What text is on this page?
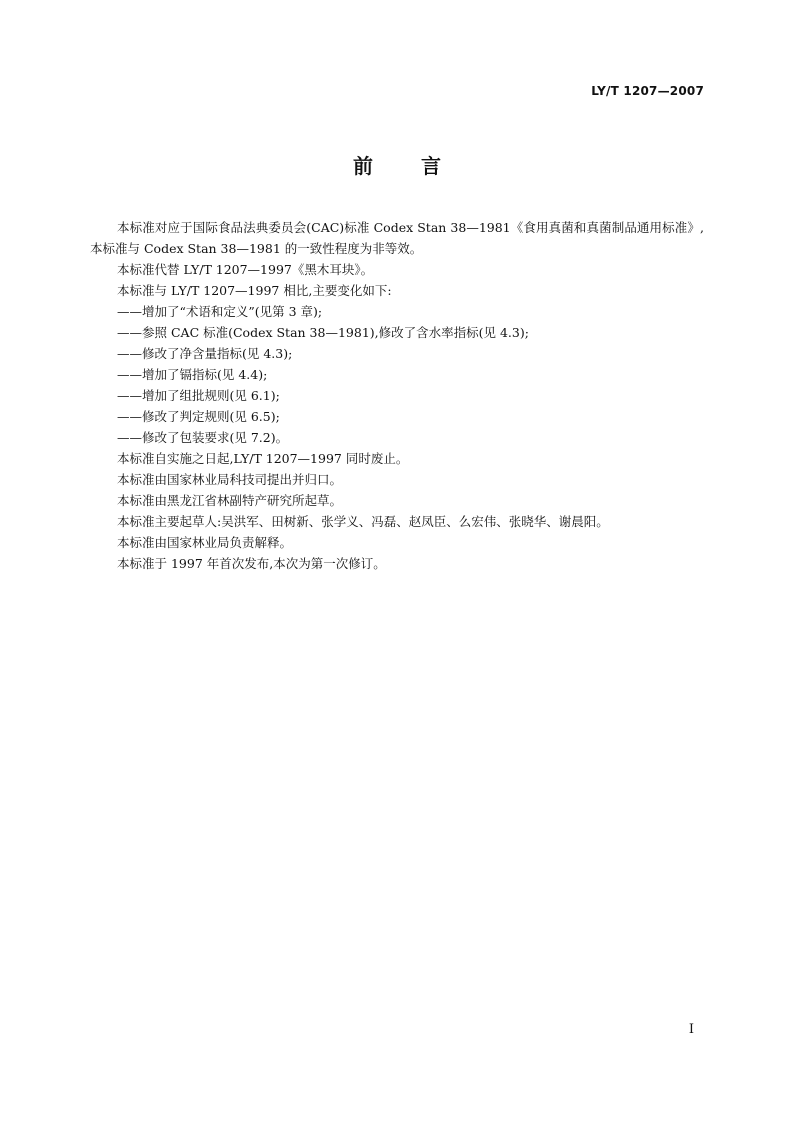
LY/T 1207—2007
前言

本标准对应于国际食品法典委员会(CAC)标准 Codex Stan 38—1981《食用真菌和真菌制品通用标准》,本标准与 Codex Stan 38—1981 的一致性程度为非等效。

本标准代替 LY/T 1207—1997《黑木耳块》。

本标准与 LY/T 1207—1997 相比,主要变化如下:

——增加了“术语和定义”(见第 3 章);

——参照 CAC 标准(Codex Stan 38—1981),修改了含水率指标(见 4.3);

——修改了净含量指标(见 4.3);

——增加了镉指标(见 4.4);

——增加了组批规则(见 6.1);

——修改了判定规则(见 6.5);

——修改了包装要求(见 7.2)。

本标准自实施之日起,LY/T 1207—1997 同时废止。

本标准由国家林业局科技司提出并归口。

本标准由黑龙江省林副特产研究所起草。

本标准主要起草人:吴洪军、田树新、张学义、冯磊、赵凤臣、么宏伟、张晓华、谢晨阳。

本标准由国家林业局负责解释。

本标准于 1997 年首次发布,本次为第一次修订。

I
